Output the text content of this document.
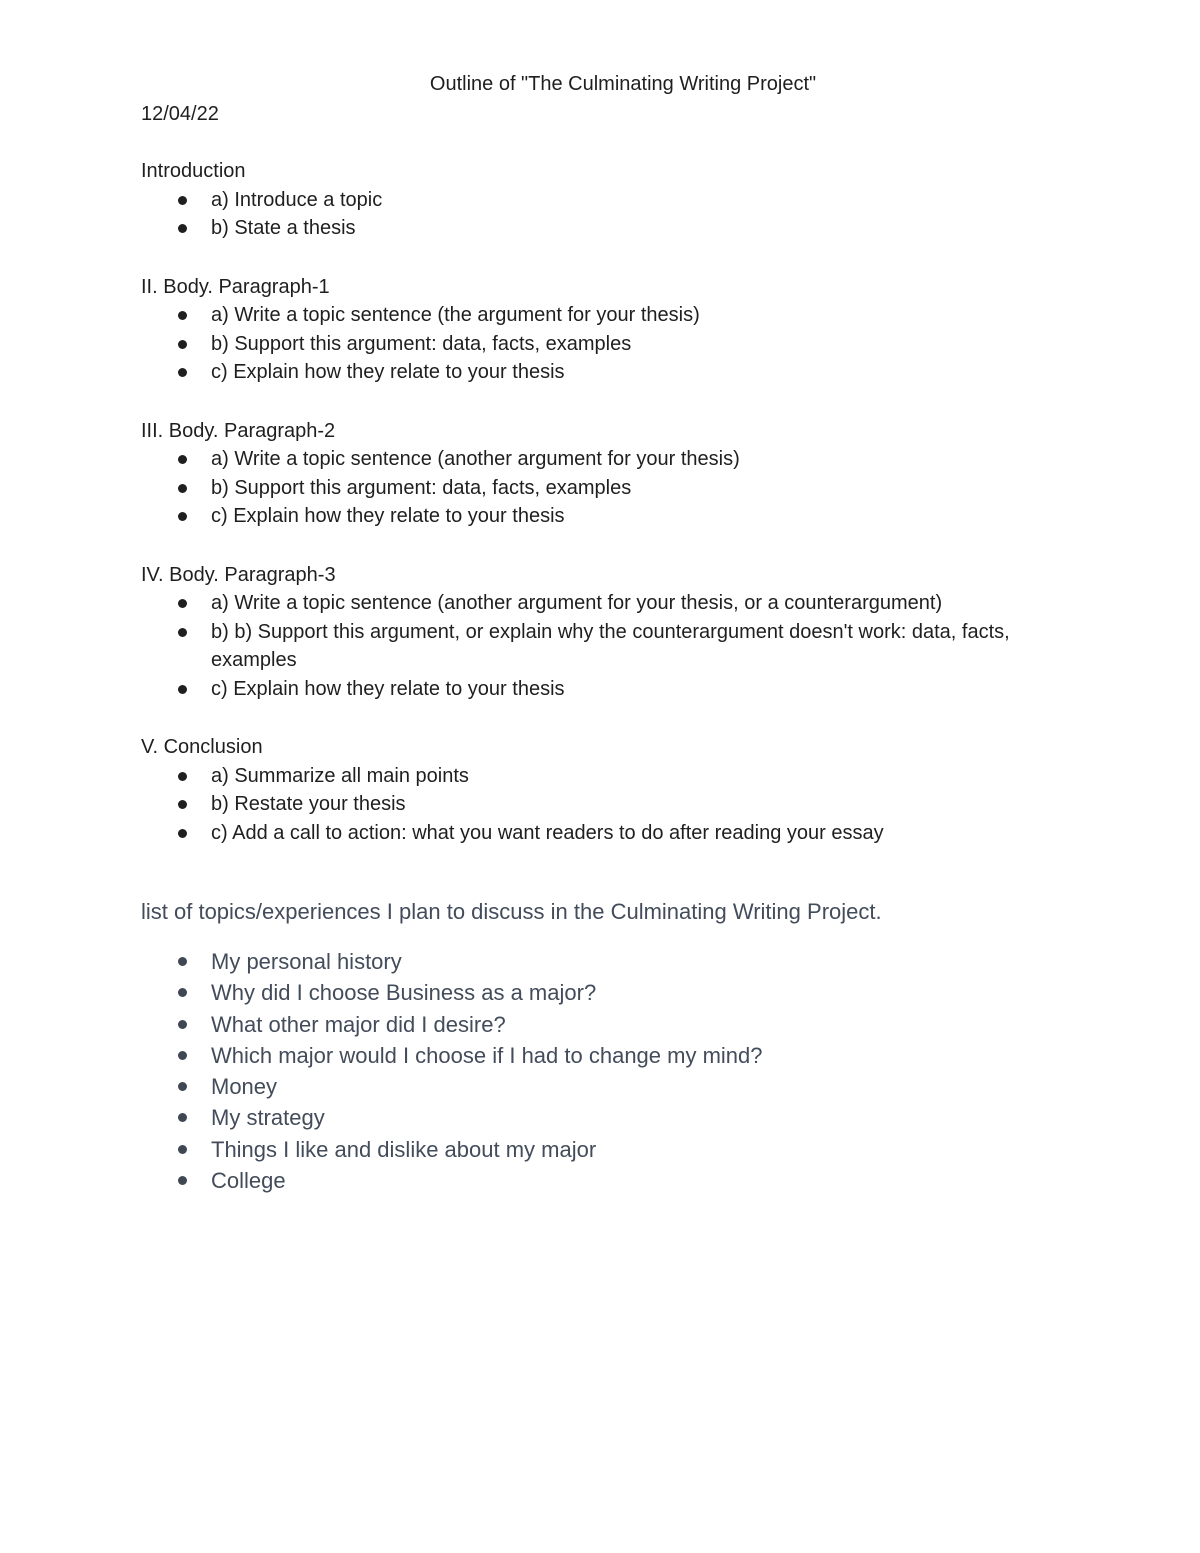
Outline of "The Culminating Writing Project"
12/04/22

Introduction

a) Introduce a topic
b) State a thesis

II. Body. Paragraph-1

a) Write a topic sentence (the argument for your thesis)
b) Support this argument: data, facts, examples
c) Explain how they relate to your thesis

III. Body. Paragraph-2

a) Write a topic sentence (another argument for your thesis)
b) Support this argument: data, facts, examples
c) Explain how they relate to your thesis

IV. Body. Paragraph-3

a) Write a topic sentence (another argument for your thesis, or a counterargument)
b) b) Support this argument, or explain why the counterargument doesn't work: data, facts, examples
c) Explain how they relate to your thesis

V. Conclusion

a) Summarize all main points
b) Restate your thesis
c) Add a call to action: what you want readers to do after reading your essay

list of topics/experiences I plan to discuss in the Culminating Writing Project.

My personal history
Why did I choose Business as a major?
What other major did I desire?
Which major would I choose if I had to change my mind?
Money
My strategy
Things I like and dislike about my major
College
